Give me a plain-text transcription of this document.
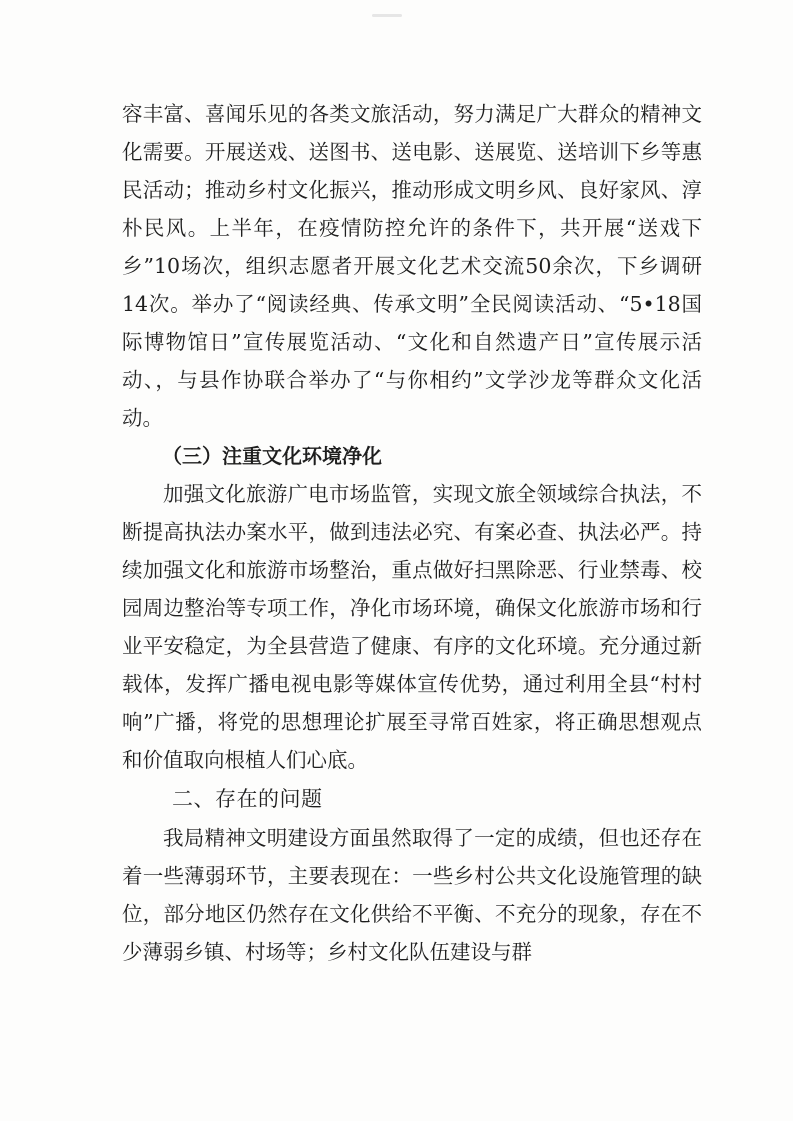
容丰富、喜闻乐见的各类文旅活动，努力满足广大群众的精神文化需要。开展送戏、送图书、送电影、送展览、送培训下乡等惠民活动；推动乡村文化振兴，推动形成文明乡风、良好家风、淳朴民风。上半年，在疫情防控允许的条件下，共开展“送戏下乡”10场次，组织志愿者开展文化艺术交流50余次，下乡调研14次。举办了“阅读经典、传承文明”全民阅读活动、“5•18国际博物馆日”宣传展览活动、“文化和自然遗产日”宣传展示活动、，与县作协联合举办了“与你相约”文学沙龙等群众文化活动。

（三）注重文化环境净化

加强文化旅游广电市场监管，实现文旅全领域综合执法，不断提高执法办案水平，做到违法必究、有案必查、执法必严。持续加强文化和旅游市场整治，重点做好扫黑除恶、行业禁毒、校园周边整治等专项工作，净化市场环境，确保文化旅游市场和行业平安稳定，为全县营造了健康、有序的文化环境。充分通过新载体，发挥广播电视电影等媒体宣传优势，通过利用全县“村村响”广播，将党的思想理论扩展至寻常百姓家，将正确思想观点和价值取向根植人们心底。

二、存在的问题

我局精神文明建设方面虽然取得了一定的成绩，但也还存在着一些薄弱环节，主要表现在：一些乡村公共文化设施管理的缺位，部分地区仍然存在文化供给不平衡、不充分的现象，存在不少薄弱乡镇、村场等；乡村文化队伍建设与群
